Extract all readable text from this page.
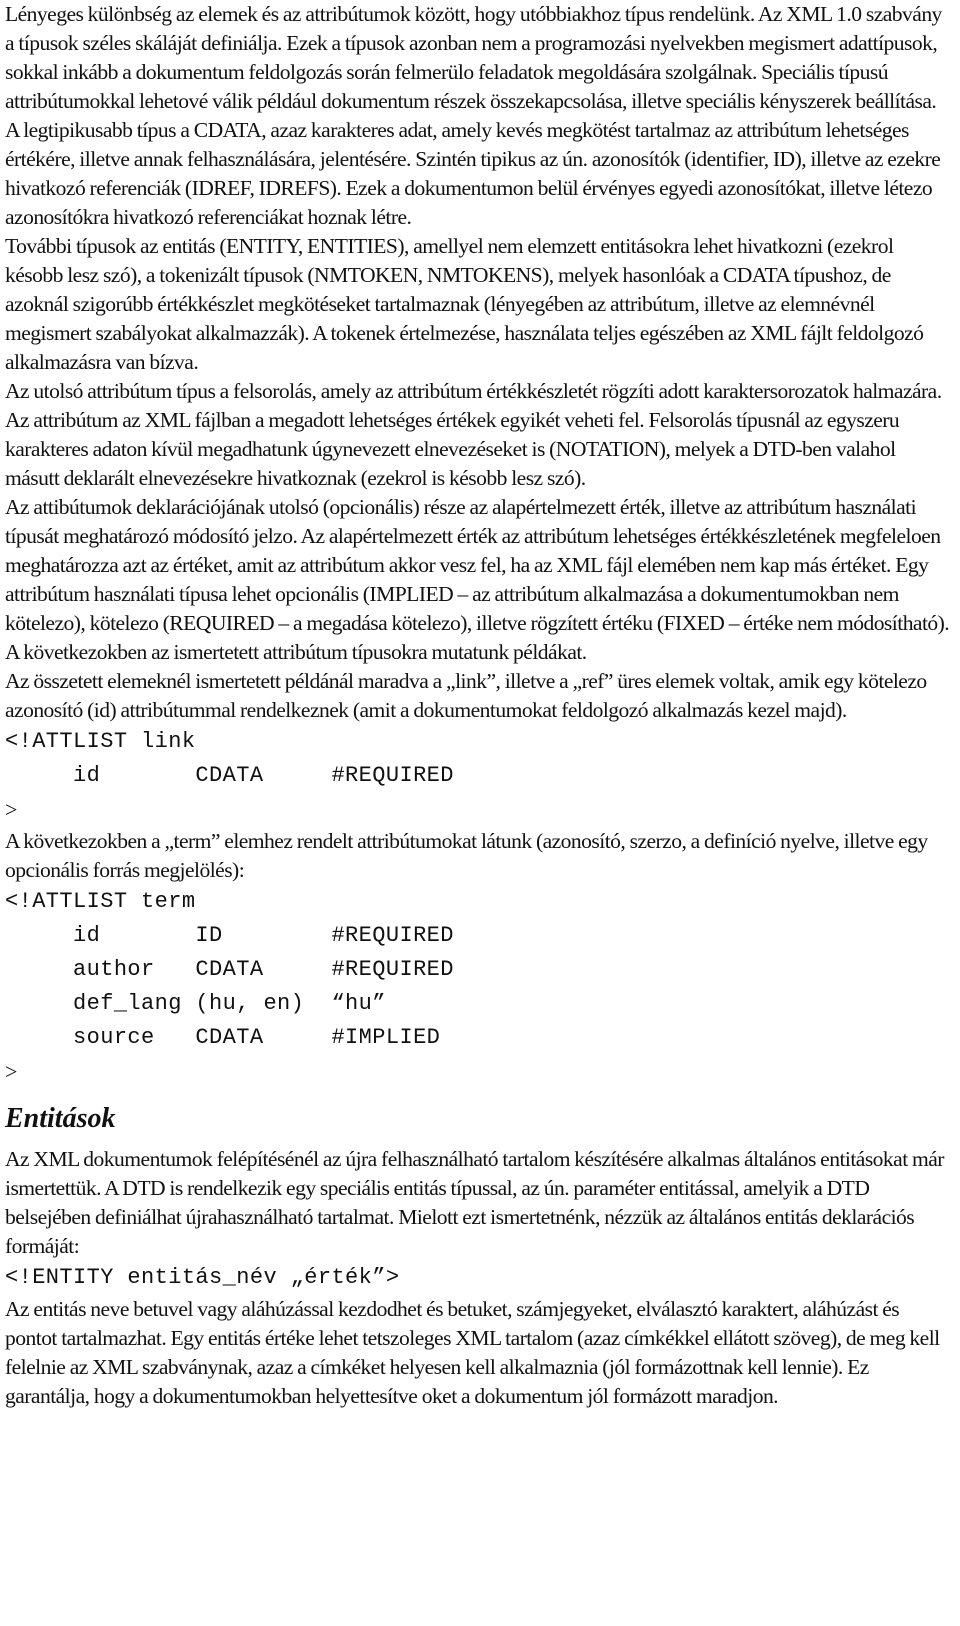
Lényeges különbség az elemek és az attribútumok között, hogy utóbbiakhoz típus rendelünk. Az XML 1.0 szabvány a típusok széles skáláját definiálja. Ezek a típusok azonban nem a programozási nyelvekben megismert adattípusok, sokkal inkább a dokumentum feldolgozás során felmerülo feladatok megoldására szolgálnak. Speciális típusú attribútumokkal lehetové válik például dokumentum részek összekapcsolása, illetve speciális kényszerek beállítása.

A legtipikusabb típus a CDATA, azaz karakteres adat, amely kevés megkötést tartalmaz az attribútum lehetséges értékére, illetve annak felhasználására, jelentésére. Szintén tipikus az ún. azonosítók (identifier, ID), illetve az ezekre hivatkozó referenciák (IDREF, IDREFS). Ezek a dokumentumon belül érvényes egyedi azonosítókat, illetve létezo azonosítókra hivatkozó referenciákat hoznak létre.

További típusok az entitás (ENTITY, ENTITIES), amellyel nem elemzett entitásokra lehet hivatkozni (ezekrol késobb lesz szó), a tokenizált típusok (NMTOKEN, NMTOKENS), melyek hasonlóak a CDATA típushoz, de azoknál szigorúbb értékkészlet megkötéseket tartalmaznak (lényegében az attribútum, illetve az elemnévnél megismert szabályokat alkalmazzák). A tokenek értelmezése, használata teljes egészében az XML fájlt feldolgozó alkalmazásra van bízva.

Az utolsó attribútum típus a felsorolás, amely az attribútum értékkészletét rögzíti adott karaktersorozatok halmazára. Az attribútum az XML fájlban a megadott lehetséges értékek egyikét veheti fel. Felsorolás típusnál az egyszeru karakteres adaton kívül megadhatunk úgynevezett elnevezéseket is (NOTATION), melyek a DTD-ben valahol másutt deklarált elnevezésekre hivatkoznak (ezekrol is késobb lesz szó).

Az attibútumok deklarációjának utolsó (opcionális) része az alapértelmezett érték, illetve az attribútum használati típusát meghatározó módosító jelzo. Az alapértelmezett érték az attribútum lehetséges értékkészletének megfeleloen meghatározza azt az értéket, amit az attribútum akkor vesz fel, ha az XML fájl elemében nem kap más értéket. Egy attribútum használati típusa lehet opcionális (IMPLIED – az attribútum alkalmazása a dokumentumokban nem kötelezo), kötelezo (REQUIRED – a megadása kötelezo), illetve rögzített értéku (FIXED – értéke nem módosítható). A következokben az ismertetett attribútum típusokra mutatunk példákat.

Az összetett elemeknél ismertetett példánál maradva a „link”, illetve a „ref” üres elemek voltak, amik egy kötelezo azonosító (id) attribútummal rendelkeznek (amit a dokumentumokat feldolgozó alkalmazás kezel majd).

<!ATTLIST link
id       CDATA     #REQUIRED
>

A következokben a „term” elemhez rendelt attribútumokat látunk (azonosító, szerzo, a definíció nyelve, illetve egy opcionális forrás megjelölés):

<!ATTLIST term
id       ID        #REQUIRED
author   CDATA     #REQUIRED
def_lang (hu, en)  “hu”
source   CDATA     #IMPLIED
>
Entitások

Az XML dokumentumok felépítésénél az újra felhasználható tartalom készítésére alkalmas általános entitásokat már ismertettük. A DTD is rendelkezik egy speciális entitás típussal, az ún. paraméter entitással, amelyik a DTD belsejében definiálhat újrahasználható tartalmat. Mielott ezt ismertetnénk, nézzük az általános entitás deklarációs formáját:

<!ENTITY entitás_név „érték”>

Az entitás neve betuvel vagy aláhúzással kezdodhet és betuket, számjegyeket, elválasztó karaktert, aláhúzást és pontot tartalmazhat. Egy entitás értéke lehet tetszoleges XML tartalom (azaz címkékkel ellátott szöveg), de meg kell felelnie az XML szabványnak, azaz a címkéket helyesen kell alkalmaznia (jól formázottnak kell lennie). Ez garantálja, hogy a dokumentumokban helyettesítve oket a dokumentum jól formázott maradjon.
